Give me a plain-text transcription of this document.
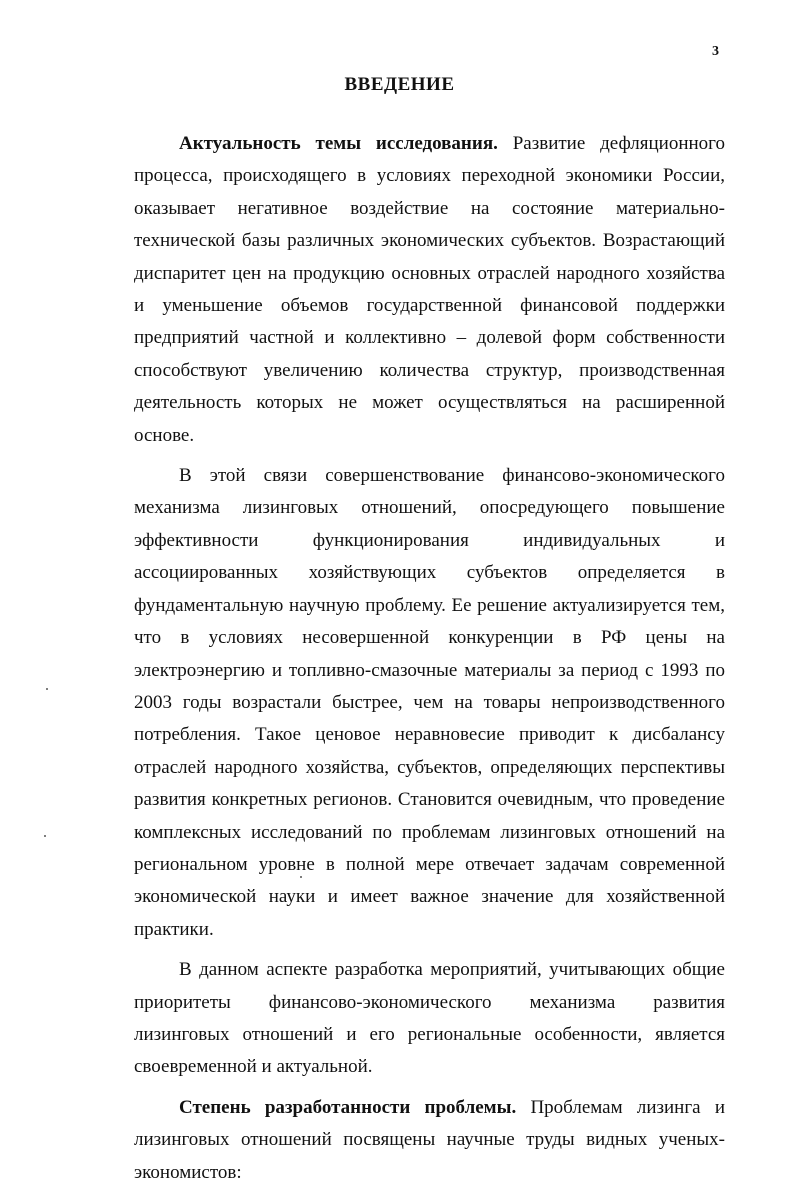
3
ВВЕДЕНИЕ

Актуальность темы исследования. Развитие дефляционного процесса, происходящего в условиях переходной экономики России, оказывает негативное воздействие на состояние материально- технической базы различных экономических субъектов. Возрастающий диспаритет цен на продукцию основных отраслей народного хозяйства и уменьшение объемов государственной финансовой поддержки предприятий частной и коллективно – долевой форм собственности способствуют увеличению количества структур, производственная деятельность которых не может осуществляться на расширенной основе.

В этой связи совершенствование финансово-экономического механизма лизинговых отношений, опосредующего повышение эффективности функционирования индивидуальных и ассоциированных хозяйствующих субъектов определяется в фундаментальную научную проблему. Ее решение актуализируется тем, что в условиях несовершенной конкуренции в РФ цены на электроэнергию и топливно-смазочные материалы за период с 1993 по 2003 годы возрастали быстрее, чем на товары непроизводственного потребления. Такое ценовое неравновесие приводит к дисбалансу отраслей народного хозяйства, субъектов, определяющих перспективы развития конкретных регионов. Становится очевидным, что проведение комплексных исследований по проблемам лизинговых отношений на региональном уровне в полной мере отвечает задачам современной экономической науки и имеет важное значение для хозяйственной практики.

В данном аспекте разработка мероприятий, учитывающих общие приоритеты финансово-экономического механизма развития лизинговых отношений и его региональные особенности, является своевременной и актуальной.

Степень разработанности проблемы. Проблемам лизинга и лизинговых отношений посвящены научные труды видных ученых-экономистов:
